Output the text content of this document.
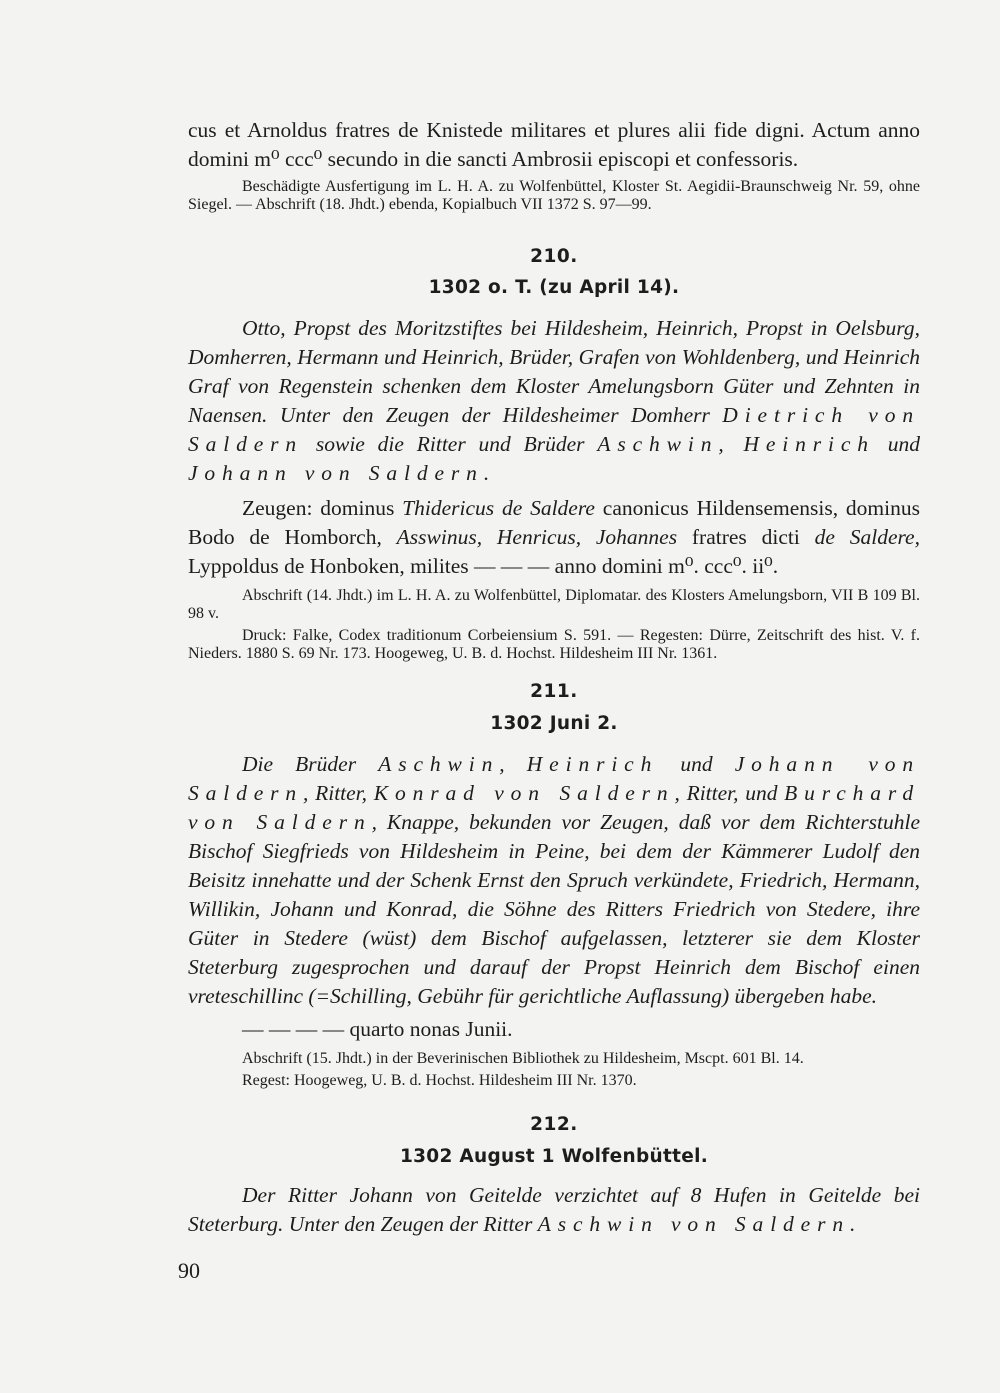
cus et Arnoldus fratres de Knistede militares et plures alii fide digni. Actum anno domini m⁰ ccc⁰ secundo in die sancti Ambrosii episcopi et confessoris.

Beschädigte Ausfertigung im L. H. A. zu Wolfenbüttel, Kloster St. Aegidii-Braunschweig Nr. 59, ohne Siegel. — Abschrift (18. Jhdt.) ebenda, Kopialbuch VII 1372 S. 97—99.

210.

1302 o. T. (zu April 14).

Otto, Propst des Moritzstiftes bei Hildesheim, Heinrich, Propst in Oelsburg, Domherren, Hermann und Heinrich, Brüder, Grafen von Wohldenberg, und Heinrich Graf von Regenstein schenken dem Kloster Amelungsborn Güter und Zehnten in Naensen. Unter den Zeugen der Hildesheimer Domherr Dietrich von Saldern sowie die Ritter und Brüder Aschwin, Heinrich und Johann von Saldern.

Zeugen: dominus Thidericus de Saldere canonicus Hildensemensis, dominus Bodo de Homborch, Asswinus, Henricus, Johannes fratres dicti de Saldere, Lyppoldus de Honboken, milites — — — anno domini m⁰. ccc⁰. ii⁰.

Abschrift (14. Jhdt.) im L. H. A. zu Wolfenbüttel, Diplomatar. des Klosters Amelungsborn, VII B 109 Bl. 98 v.

Druck: Falke, Codex traditionum Corbeiensium S. 591. — Regesten: Dürre, Zeitschrift des hist. V. f. Nieders. 1880 S. 69 Nr. 173. Hoogeweg, U. B. d. Hochst. Hildesheim III Nr. 1361.

211.

1302 Juni 2.

Die Brüder Aschwin, Heinrich und Johann von Saldern, Ritter, Konrad von Saldern, Ritter, und Burchard von Saldern, Knappe, bekunden vor Zeugen, daß vor dem Richterstuhle Bischof Siegfrieds von Hildesheim in Peine, bei dem der Kämmerer Ludolf den Beisitz innehatte und der Schenk Ernst den Spruch verkündete, Friedrich, Hermann, Willikin, Johann und Konrad, die Söhne des Ritters Friedrich von Stedere, ihre Güter in Stedere (wüst) dem Bischof aufgelassen, letzterer sie dem Kloster Steterburg zugesprochen und darauf der Propst Heinrich dem Bischof einen vreteschillinc (=Schilling, Gebühr für gerichtliche Auflassung) übergeben habe.

— — — — quarto nonas Junii.

Abschrift (15. Jhdt.) in der Beverinischen Bibliothek zu Hildesheim, Mscpt. 601 Bl. 14.

Regest: Hoogeweg, U. B. d. Hochst. Hildesheim III Nr. 1370.

212.

1302 August 1 Wolfenbüttel.

Der Ritter Johann von Geitelde verzichtet auf 8 Hufen in Geitelde bei Steterburg. Unter den Zeugen der Ritter Aschwin von Saldern.

90
